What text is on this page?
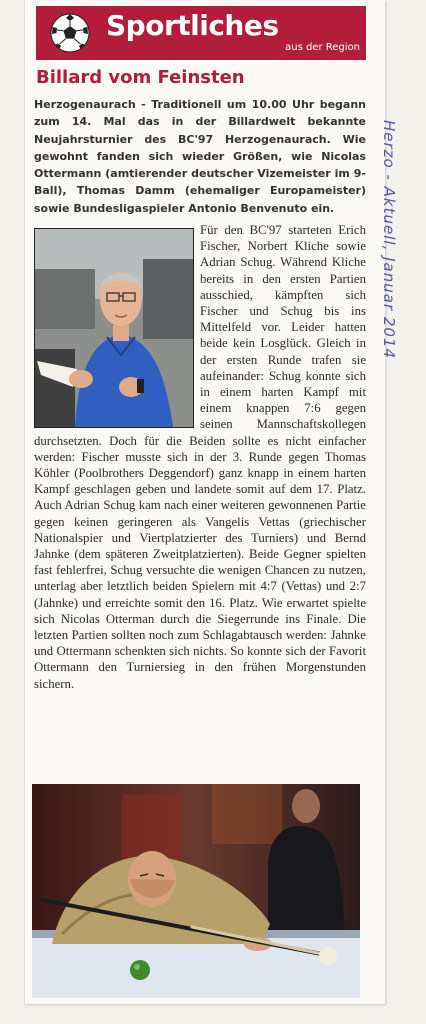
Sportliches
aus der Region
Billard vom Feinsten
Herzogenaurach - Traditionell um 10.00 Uhr begann zum 14. Mal das in der Billardwelt bekannte Neujahrsturnier des BC'97 Herzogenaurach. Wie gewohnt fanden sich wieder Größen, wie Nicolas Ottermann (amtierender deutscher Vizemeister im 9-Ball), Thomas Damm (ehemaliger Europameister) sowie Bundesligaspieler Antonio Benvenuto ein.
Für den BC'97 starteten Erich Fischer, Norbert Kliche sowie Adrian Schug. Während Kliche bereits in den ersten Partien ausschied, kämpften sich Fischer und Schug bis ins Mittelfeld vor. Leider hatten beide kein Losglück. Gleich in der ersten Runde trafen sie aufeinander: Schug konnte sich in einem harten Kampf mit einem knappen 7:6 gegen seinen Mannschaftskollegen durchsetzten. Doch für die Beiden sollte es nicht einfacher werden: Fischer musste sich in der 3. Runde gegen Thomas Köhler (Poolbrothers Deggendorf) ganz knapp in einem harten Kampf geschlagen geben und landete somit auf dem 17. Platz. Auch Adrian Schug kam nach einer weiteren gewonnenen Partie gegen keinen geringeren als Vangelis Vettas (griechischer Nationalspier und Viertplatzierter des Turniers) und Bernd Jahnke (dem späteren Zweitplatzierten). Beide Gegner spielten fast fehlerfrei, Schug versuchte die wenigen Chancen zu nutzen, unterlag aber letztlich beiden Spielern mit 4:7 (Vettas) und 2:7 (Jahnke) und erreichte somit den 16. Platz. Wie erwartet spielte sich Nicolas Otterman durch die Siegerrunde ins Finale. Die letzten Partien sollten noch zum Schlagabtausch werden: Jahnke und Ottermann schenkten sich nichts. So konnte sich der Favorit Ottermann den Turniersieg in den frühen Morgenstunden sichern.
Herzo - Aktuell, Januar 2014
